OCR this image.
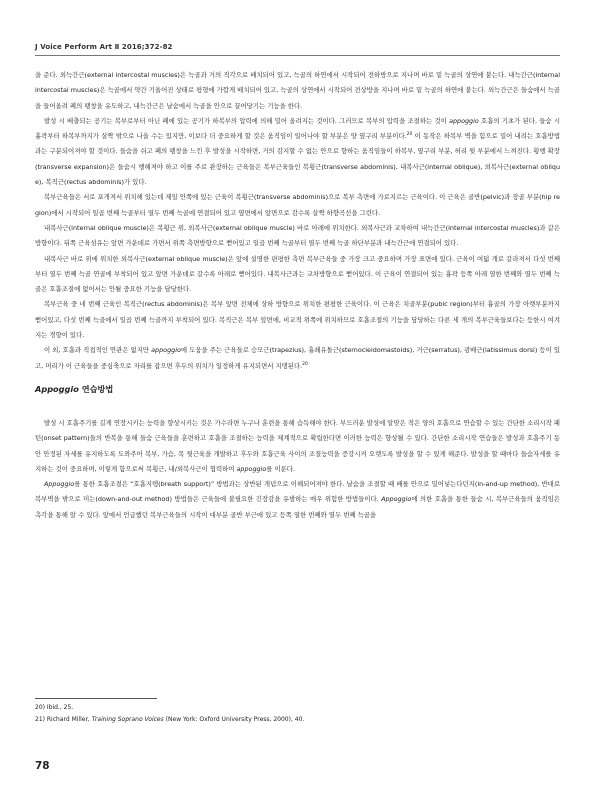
J Voice Perform Art Ⅱ 2016;372-82

을 준다. 외늑간근(external intercostal muscles)은 늑골과 거의 직각으로 배치되어 있고, 늑골의 하연에서 시작되어 전하방으로 지나며 바로 밑 늑골의 상연에 붙는다. 내늑간근(internal intercostal muscles)은 늑골에서 약간 기울어진 상태로 평형에 가깝게 배치되어 있고, 늑골의 상연에서 시작되어 전상방을 지나며 바로 밑 늑골의 하연에 붙는다. 외늑간근은 들숨에서 늑골을 들어올려 폐의 팽창을 유도하고, 내늑간근은 날숨에서 늑골을 안으로 끌어당기는 기능을 한다.

발성 시 배출되는 공기는 복부로부터 아닌 폐에 있는 공기가 하복부의 압력에 의해 밀어 올려지는 것이다. 그러므로 복부의 압력을 조절하는 것이 appoggio 호흡의 기초가 된다. 들숨 시 흉곽부터 하복부까지가 살짝 밖으로 나올 수는 있지만, 이보다 더 중요하게 할 것은 움직임이 일어나야 할 부분은 양 옆구리 부분이다.$^{20}$ 이 동작은 하복부 벽을 힘으로 밀어 내려는 호흡방법과는 구분되어져야 할 것이다. 들숨을 쉬고 폐의 팽창을 느낀 후 발성을 시작하면, 거의 감지할 수 없는 안으로 향하는 움직임들이 하복부, 옆구리 부분, 허리 뒷 부분에서 느껴진다. 횡행 확장(transverse expansion)은 들숨시 행해져야 하고 이를 주로 관장하는 근육들은 복부근육들인 복횡근(transverse abdominis), 내복사근(internal oblique), 외복사근(external oblique), 복직근(rectus abdominis)가 있다.

복부근육들은 서로 포개져서 위치해 있는데 제일 안쪽에 있는 근육이 복횡근(transverse abdominis)으로 복부 측면에 가로지르는 근육이다. 이 근육은 골반(pelvic)과 장골 부분(hip region)에서 시작되어 일곱 번째 늑골부터 열두 번째 늑골에 연결되어 있고 옆면에서 앞면으로 감수록 살짝 하향곡선을 그린다.

내복사근(internal oblique muscle)은 복횡근 위, 외복사근(external oblique muscle) 바로 아래에 위치한다. 외복사근과 교차하여 내늑간근(internal intercostal muscles)과 같은 방향이다. 뒤쪽 근육섬유는 앞면 가운데로 가면서 위쪽 측면방향으로 뻗어있고 일곱 번째 늑골부터 열두 번째 늑골 하단부분과 내늑간근에 연결되어 있다.

내복사근 바로 위에 위치한 외복사근(external oblique muscle)은 앞에 설명한 편평한 측면 복부근육들 중 가장 크고 중요하며 가장 표면에 있다. 근육이 여덟 개로 갈라져서 다섯 번째부터 열두 번째 늑골 연골에 부착되어 있고 앞면 가운데로 갈수록 아래로 뻗어있다. 내복사근과는 교차방향으로 뻗어있다. 이 근육이 연결되어 있는 흉곽 등쪽 아래 열한 번째와 열두 번째 늑골은 호흡조절에 없어서는 안될 중요한 기능을 담당한다.

복부근육 중 네 번째 근육인 복직근(rectus abdominis)은 복부 앞면 전체에 상하 방향으로 위치한 편평한 근육이다. 이 근육은 치골부분(pubic region)부터 흉골의 가장 아랫부분까지 뻗어있고, 다섯 번째 늑골에서 일곱 번째 늑골까지 부착되어 있다. 복직근은 복부 앞면에, 비교적 위쪽에 위치하므로 호흡조절의 기능을 담당하는 다른 세 개의 복부근육들보다는 등한시 여겨지는 경향이 있다.

이 외, 호흡과 직접적인 연관은 없지만 appoggio에 도움을 주는 근육들로 승모근(trapezius), 흉쇄유돌근(sternocleidomastoids), 거근(serratus), 광배근(latissimus dorsi) 등이 있고, 머리가 이 근육들을 중심축으로 자리를 잡으면 후두의 위치가 일정하게 유지되면서 지탱된다.$^{20}$

Appoggio 연습방법

발성 시 호흡주기를 길게 연장시키는 능력을 향상시키는 것은 가수라면 누구나 훈련을 통해 습득해야 한다. 부드러운 발성에 알맞은 적은 양의 호흡으로 연습할 수 있는 간단한 소리시작 패턴(onset pattern)들의 반복을 통해 들숨 근육들을 훈련하고 호흡을 조절하는 능력을 체계적으로 확립한다면 이러한 능력은 향상될 수 있다. 간단한 소리시작 연습들은 발성과 호흡주기 동안 안정된 자세를 유지하도록 도와주어 복부, 가슴, 목 뒷근육을 개발하고 후두와 호흡근육 사이의 조절능력을 증강시켜 오랫도록 발성을 할 수 있게 해준다. 발성을 할 때마다 들숨자세를 유지하는 것이 중요하며, 이렇게 함으로써 복횡근, 내/외복사근이 협력하여 appoggio를 이룬다.

Appoggio를 통한 호흡조절은 “호흡지탱(breath support)” 방법과는 상반된 개념으로 이해되어져야 한다. 날숨을 조절할 때 배를 안으로 밀어넣는다던지(in-and-up method), 반대로 복부벽을 밖으로 미는(down-and-out method) 방법들은 근육들에 불필요한 긴장감을 유발하는 매우 위험한 방법들이다. Appoggio에 의한 호흡을 통한 들숨 시, 복부근육들의 움직임은 촉각을 통해 알 수 있다. 앞에서 언급했던 복부근육들의 시작이 대부분 골반 부근에 있고 등쪽 열한 번째와 열두 번째 늑골을

20) Ibid., 25.

21) Richard Miller, Training Soprano Voices (New York: Oxford University Press, 2000), 40.

78
